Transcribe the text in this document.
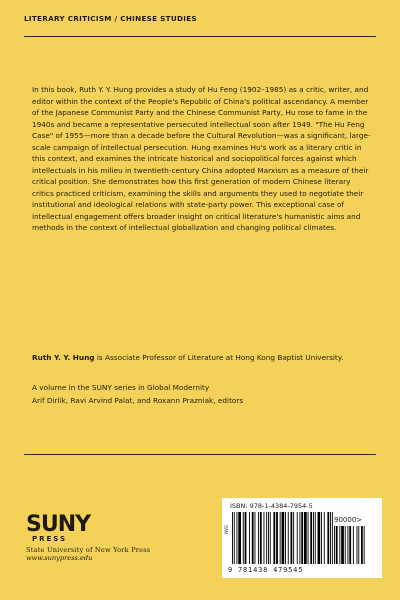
LITERARY CRITICISM / CHINESE STUDIES

In this book, Ruth Y. Y. Hung provides a study of Hu Feng (1902–1985) as a critic, writer, and editor within the context of the People's Republic of China's political ascendancy. A member of the Japanese Communist Party and the Chinese Communist Party, Hu rose to fame in the 1940s and became a representative persecuted intellectual soon after 1949. "The Hu Feng Case" of 1955—more than a decade before the Cultural Revolution—was a significant, large-scale campaign of intellectual persecution. Hung examines Hu's work as a literary critic in this context, and examines the intricate historical and sociopolitical forces against which intellectuals in his milieu in twentieth-century China adopted Marxism as a measure of their critical position. She demonstrates how this first generation of modern Chinese literary critics practiced criticism, examining the skills and arguments they used to negotiate their institutional and ideological relations with state-party power. This exceptional case of intellectual engagement offers broader insight on critical literature's humanistic aims and methods in the context of intellectual globalization and changing political climates.

Ruth Y. Y. Hung is Associate Professor of Literature at Hong Kong Baptist University.

A volume in the SUNY series in Global Modernity
Arif Dirlik, Ravi Arvind Palat, and Roxann Prazniak, editors
SUNY
PRESS
State University of New York Press
www.sunypress.edu
ISBN: 978-1-4384-7954-5
90000>
NVG
9 781438 479545
